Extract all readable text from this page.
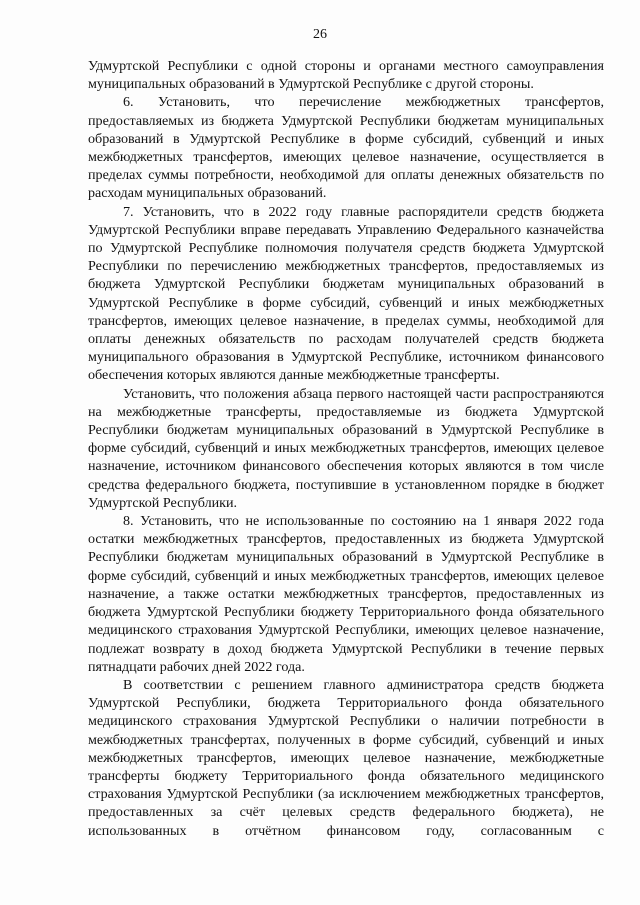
26

Удмуртской Республики с одной стороны и органами местного самоуправления муниципальных образований в Удмуртской Республике с другой стороны.

6. Установить, что перечисление межбюджетных трансфертов, предоставляемых из бюджета Удмуртской Республики бюджетам муниципальных образований в Удмуртской Республике в форме субсидий, субвенций и иных межбюджетных трансфертов, имеющих целевое назначение, осуществляется в пределах суммы потребности, необходимой для оплаты денежных обязательств по расходам муниципальных образований.

7. Установить, что в 2022 году главные распорядители средств бюджета Удмуртской Республики вправе передавать Управлению Федерального казначейства по Удмуртской Республике полномочия получателя средств бюджета Удмуртской Республики по перечислению межбюджетных трансфертов, предоставляемых из бюджета Удмуртской Республики бюджетам муниципальных образований в Удмуртской Республике в форме субсидий, субвенций и иных межбюджетных трансфертов, имеющих целевое назначение, в пределах суммы, необходимой для оплаты денежных обязательств по расходам получателей средств бюджета муниципального образования в Удмуртской Республике, источником финансового обеспечения которых являются данные межбюджетные трансферты.

Установить, что положения абзаца первого настоящей части распространяются на межбюджетные трансферты, предоставляемые из бюджета Удмуртской Республики бюджетам муниципальных образований в Удмуртской Республике в форме субсидий, субвенций и иных межбюджетных трансфертов, имеющих целевое назначение, источником финансового обеспечения которых являются в том числе средства федерального бюджета, поступившие в установленном порядке в бюджет Удмуртской Республики.

8. Установить, что не использованные по состоянию на 1 января 2022 года остатки межбюджетных трансфертов, предоставленных из бюджета Удмуртской Республики бюджетам муниципальных образований в Удмуртской Республике в форме субсидий, субвенций и иных межбюджетных трансфертов, имеющих целевое назначение, а также остатки межбюджетных трансфертов, предоставленных из бюджета Удмуртской Республики бюджету Территориального фонда обязательного медицинского страхования Удмуртской Республики, имеющих целевое назначение, подлежат возврату в доход бюджета Удмуртской Республики в течение первых пятнадцати рабочих дней 2022 года.

В соответствии с решением главного администратора средств бюджета Удмуртской Республики, бюджета Территориального фонда обязательного медицинского страхования Удмуртской Республики о наличии потребности в межбюджетных трансфертах, полученных в форме субсидий, субвенций и иных межбюджетных трансфертов, имеющих целевое назначение, межбюджетные трансферты бюджету Территориального фонда обязательного медицинского страхования Удмуртской Республики (за исключением межбюджетных трансфертов, предоставленных за счёт целевых средств федерального бюджета), не использованных в отчётном финансовом году, согласованным с
